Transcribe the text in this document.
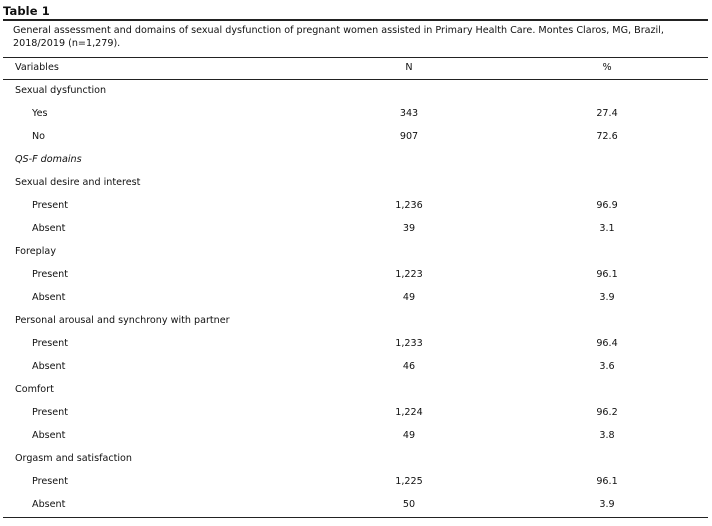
Table 1
General assessment and domains of sexual dysfunction of pregnant women assisted in Primary Health Care. Montes Claros, MG, Brazil, 2018/2019 (n=1,279).
Variables	N	%
Sexual dysfunction
Yes	343	27.4
No	907	72.6
QS-F domains
Sexual desire and interest
Present	1,236	96.9
Absent	39	3.1
Foreplay
Present	1,223	96.1
Absent	49	3.9
Personal arousal and synchrony with partner
Present	1,233	96.4
Absent	46	3.6
Comfort
Present	1,224	96.2
Absent	49	3.8
Orgasm and satisfaction
Present	1,225	96.1
Absent	50	3.9
